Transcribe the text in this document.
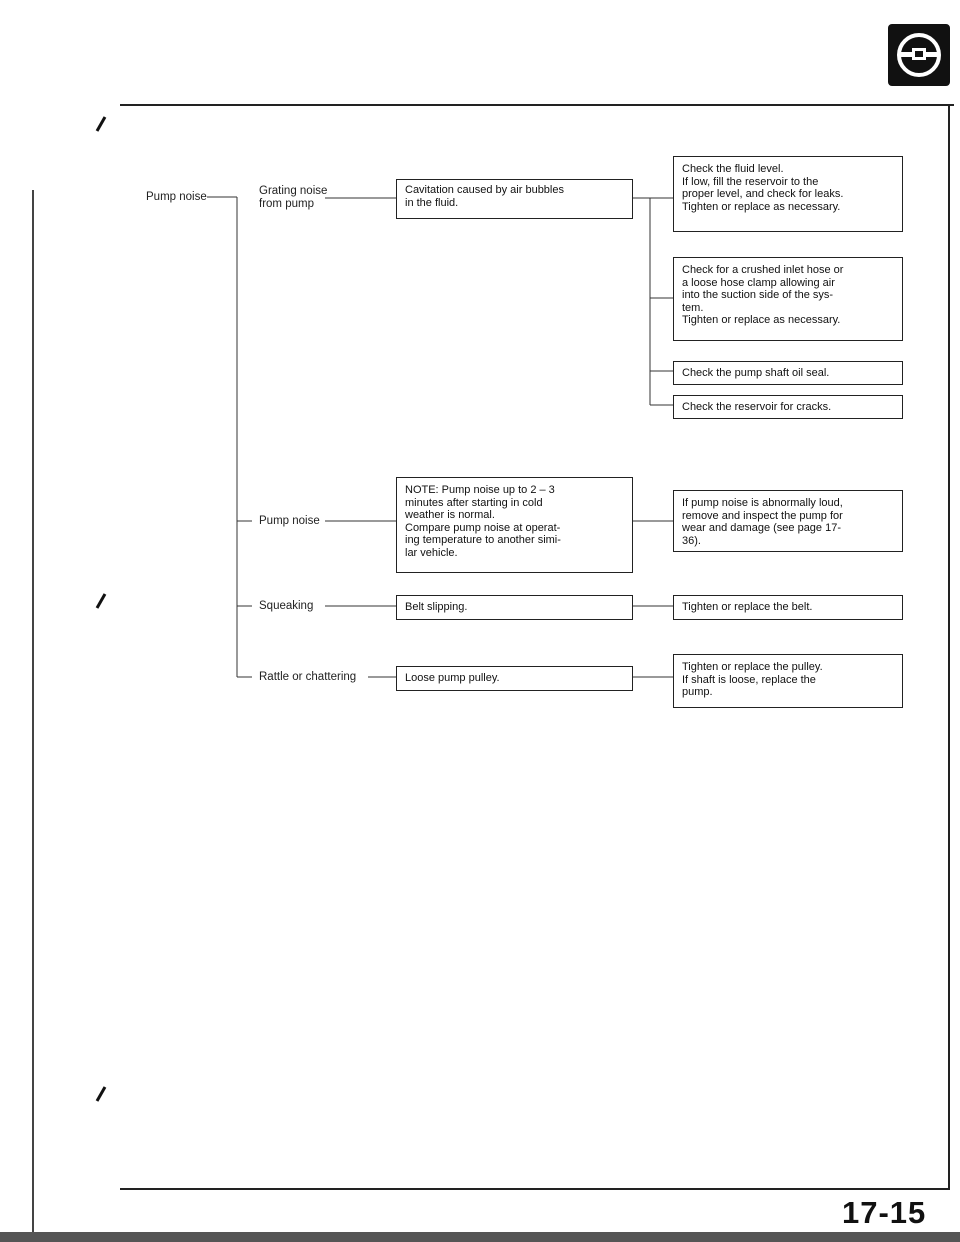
Pump noise	Grating noise
from pump
Pump noise
Squeaking
Rattle or chattering
Cavitation caused by air bubbles
in the fluid.
NOTE: Pump noise up to 2 – 3
minutes after starting in cold
weather is normal.
Compare pump noise at operat-
ing temperature to another simi-
lar vehicle.
Belt slipping.
Loose pump pulley.
Check the fluid level.
If low, fill the reservoir to the
proper level, and check for leaks.
Tighten or replace as necessary.
Check for a crushed inlet hose or
a loose hose clamp allowing air
into the suction side of the sys-
tem.
Tighten or replace as necessary.
Check the pump shaft oil seal.
Check the reservoir for cracks.
If pump noise is abnormally loud,
remove and inspect the pump for
wear and damage (see page 17-
36).
Tighten or replace the belt.
Tighten or replace the pulley.
If shaft is loose, replace the
pump.
17-15
